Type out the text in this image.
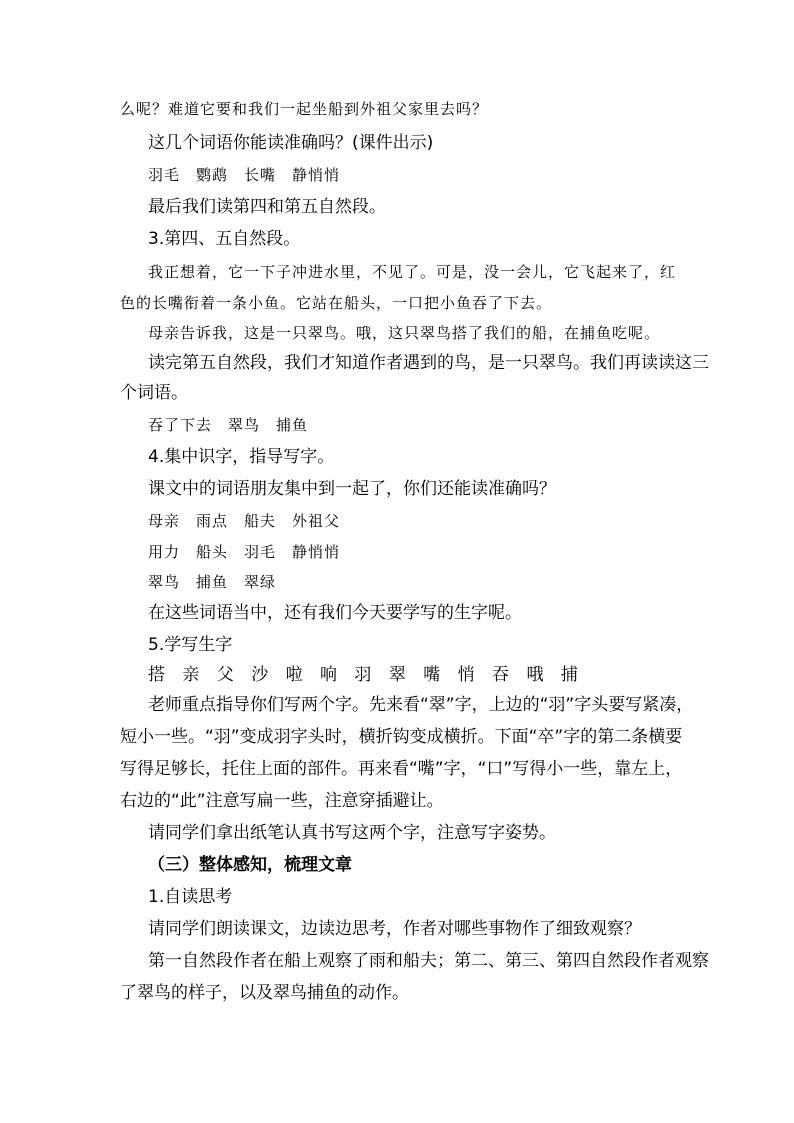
么呢？难道它要和我们一起坐船到外祖父家里去吗？
这几个词语你能读准确吗？(课件出示)
羽毛　鹦鹉　长嘴　静悄悄
最后我们读第四和第五自然段。
3.第四、五自然段。
我正想着，它一下子冲进水里，不见了。可是，没一会儿，它飞起来了，红
色的长嘴衔着一条小鱼。它站在船头，一口把小鱼吞了下去。
母亲告诉我，这是一只翠鸟。哦，这只翠鸟搭了我们的船，在捕鱼吃呢。
读完第五自然段，我们才知道作者遇到的鸟，是一只翠鸟。我们再读读这三
个词语。
吞了下去　翠鸟　捕鱼
4.集中识字，指导写字。
课文中的词语朋友集中到一起了，你们还能读准确吗？
母亲　雨点　船夫　外祖父
用力　船头　羽毛　静悄悄
翠鸟　捕鱼　翠绿
在这些词语当中，还有我们今天要学写的生字呢。
5.学写生字
搭 亲 父 沙 啦 响 羽 翠 嘴 悄 吞 哦 捕
老师重点指导你们写两个字。先来看“翠”字，上边的“羽”字头要写紧凑，
短小一些。“羽”变成羽字头时，横折钩变成横折。下面“卒”字的第二条横要
写得足够长，托住上面的部件。再来看“嘴”字，“口”写得小一些，靠左上，
右边的“此”注意写扁一些，注意穿插避让。
请同学们拿出纸笔认真书写这两个字，注意写字姿势。
（三）整体感知，梳理文章
1.自读思考
请同学们朗读课文，边读边思考，作者对哪些事物作了细致观察？
第一自然段作者在船上观察了雨和船夫；第二、第三、第四自然段作者观察
了翠鸟的样子，以及翠鸟捕鱼的动作。
